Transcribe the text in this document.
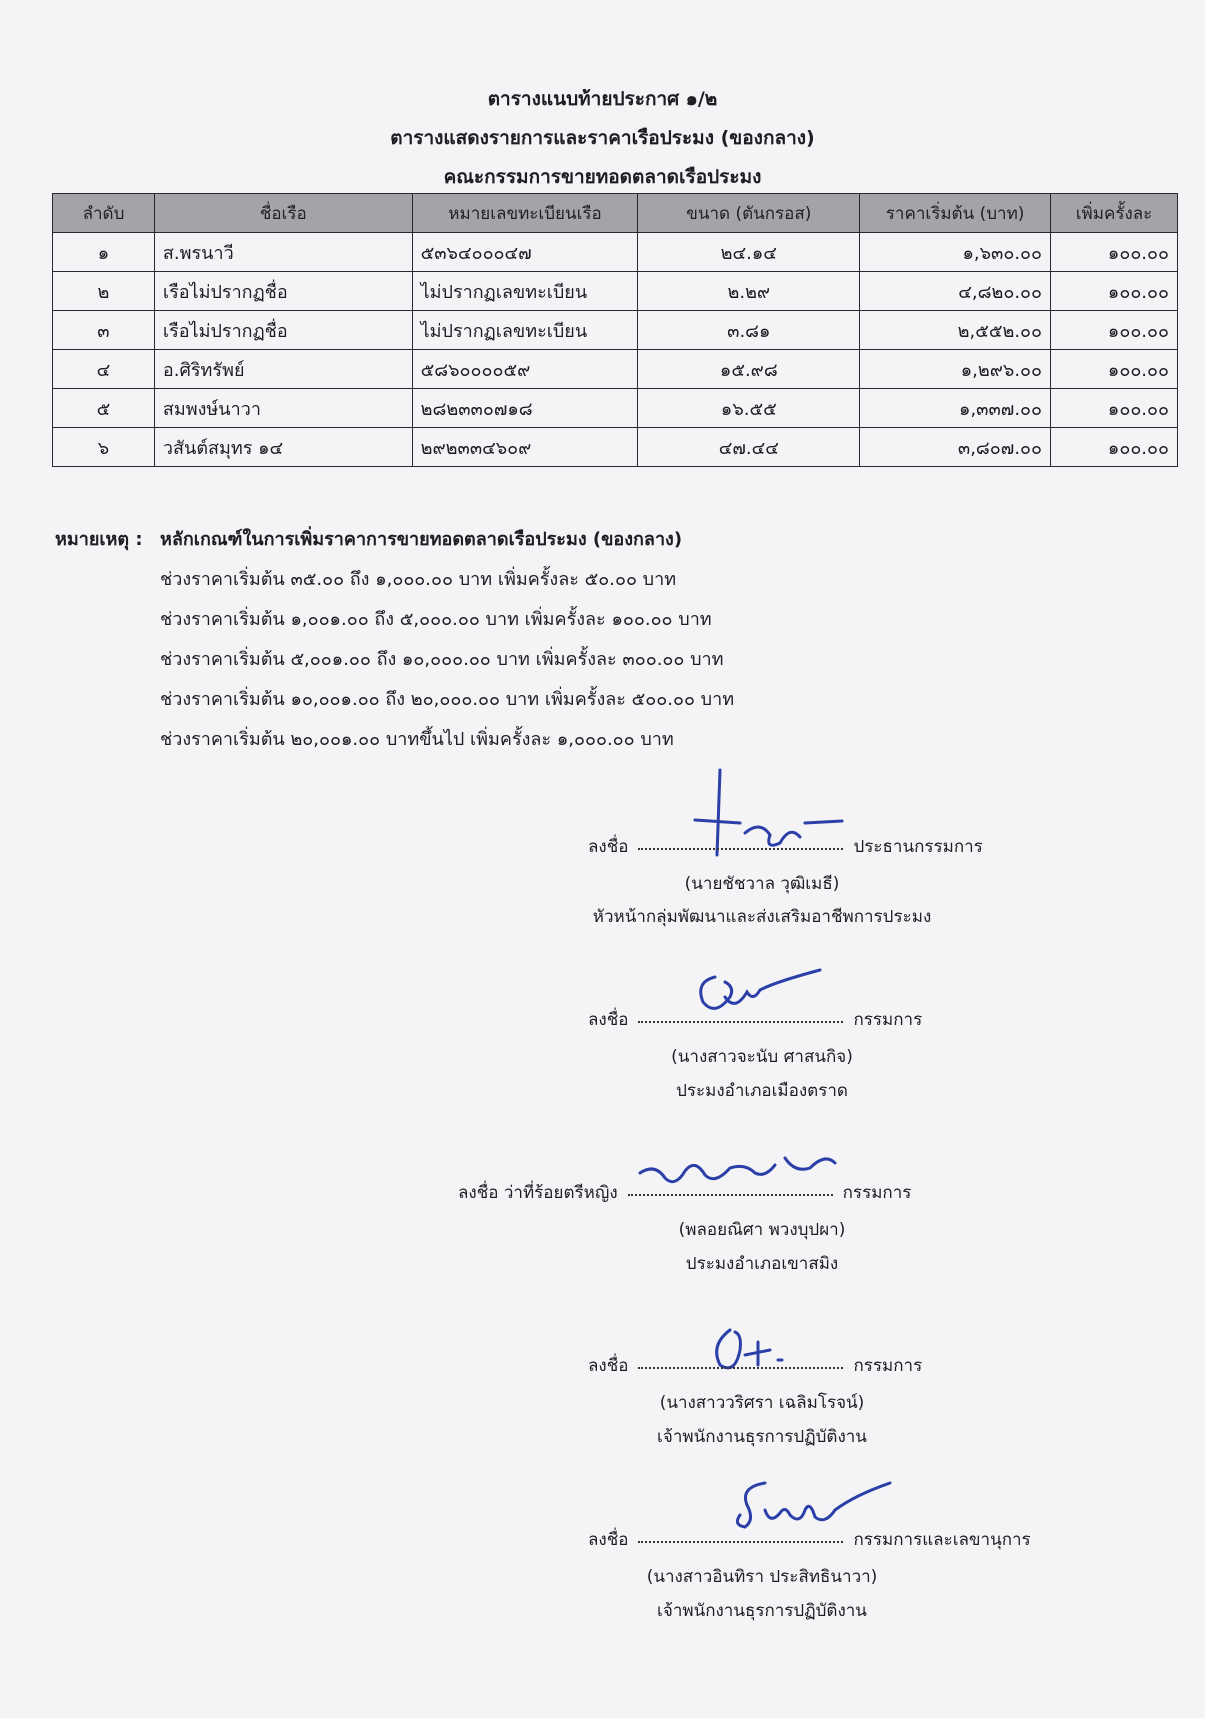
ตารางแนบท้ายประกาศ ๑/๒
ตารางแสดงรายการและราคาเรือประมง (ของกลาง)
คณะกรรมการขายทอดตลาดเรือประมง
ลำดับ	ชื่อเรือ	หมายเลขทะเบียนเรือ	ขนาด (ตันกรอส)	ราคาเริ่มต้น (บาท)	เพิ่มครั้งละ
๑	ส.พรนาวี	๕๓๖๔๐๐๐๔๗	๒๔.๑๔	๑,๖๓๐.๐๐	๑๐๐.๐๐
๒	เรือไม่ปรากฏชื่อ	ไม่ปรากฏเลขทะเบียน	๒.๒๙	๔,๘๒๐.๐๐	๑๐๐.๐๐
๓	เรือไม่ปรากฏชื่อ	ไม่ปรากฏเลขทะเบียน	๓.๘๑	๒,๕๕๒.๐๐	๑๐๐.๐๐
๔	อ.ศิริทรัพย์	๕๘๖๐๐๐๐๕๙	๑๕.๙๘	๑,๒๙๖.๐๐	๑๐๐.๐๐
๕	สมพงษ์นาวา	๒๘๒๓๓๐๗๑๘	๑๖.๕๕	๑,๓๓๗.๐๐	๑๐๐.๐๐
๖	วสันต์สมุทร ๑๔	๒๙๒๓๓๔๖๐๙	๔๗.๔๔	๓,๘๐๗.๐๐	๑๐๐.๐๐
หมายเหตุ : หลักเกณฑ์ในการเพิ่มราคาการขายทอดตลาดเรือประมง (ของกลาง)
ช่วงราคาเริ่มต้น ๓๕.๐๐ ถึง ๑,๐๐๐.๐๐ บาท เพิ่มครั้งละ ๕๐.๐๐ บาท
ช่วงราคาเริ่มต้น ๑,๐๐๑.๐๐ ถึง ๕,๐๐๐.๐๐ บาท เพิ่มครั้งละ ๑๐๐.๐๐ บาท
ช่วงราคาเริ่มต้น ๕,๐๐๑.๐๐ ถึง ๑๐,๐๐๐.๐๐ บาท เพิ่มครั้งละ ๓๐๐.๐๐ บาท
ช่วงราคาเริ่มต้น ๑๐,๐๐๑.๐๐ ถึง ๒๐,๐๐๐.๐๐ บาท เพิ่มครั้งละ ๕๐๐.๐๐ บาท
ช่วงราคาเริ่มต้น ๒๐,๐๐๑.๐๐ บาทขึ้นไป เพิ่มครั้งละ ๑,๐๐๐.๐๐ บาท
ลงชื่อ	ประธานกรรมการ
(นายชัชวาล วุฒิเมธี)
หัวหน้ากลุ่มพัฒนาและส่งเสริมอาชีพการประมง
ลงชื่อ	กรรมการ
(นางสาวจะนับ ศาสนกิจ)
ประมงอำเภอเมืองตราด
ลงชื่อ ว่าที่ร้อยตรีหญิง	กรรมการ
(พลอยณิศา พวงบุปผา)
ประมงอำเภอเขาสมิง
ลงชื่อ	กรรมการ
(นางสาววริศรา เฉลิมโรจน์)
เจ้าพนักงานธุรการปฏิบัติงาน
ลงชื่อ	กรรมการและเลขานุการ
(นางสาวอินทิรา ประสิทธินาวา)
เจ้าพนักงานธุรการปฏิบัติงาน
